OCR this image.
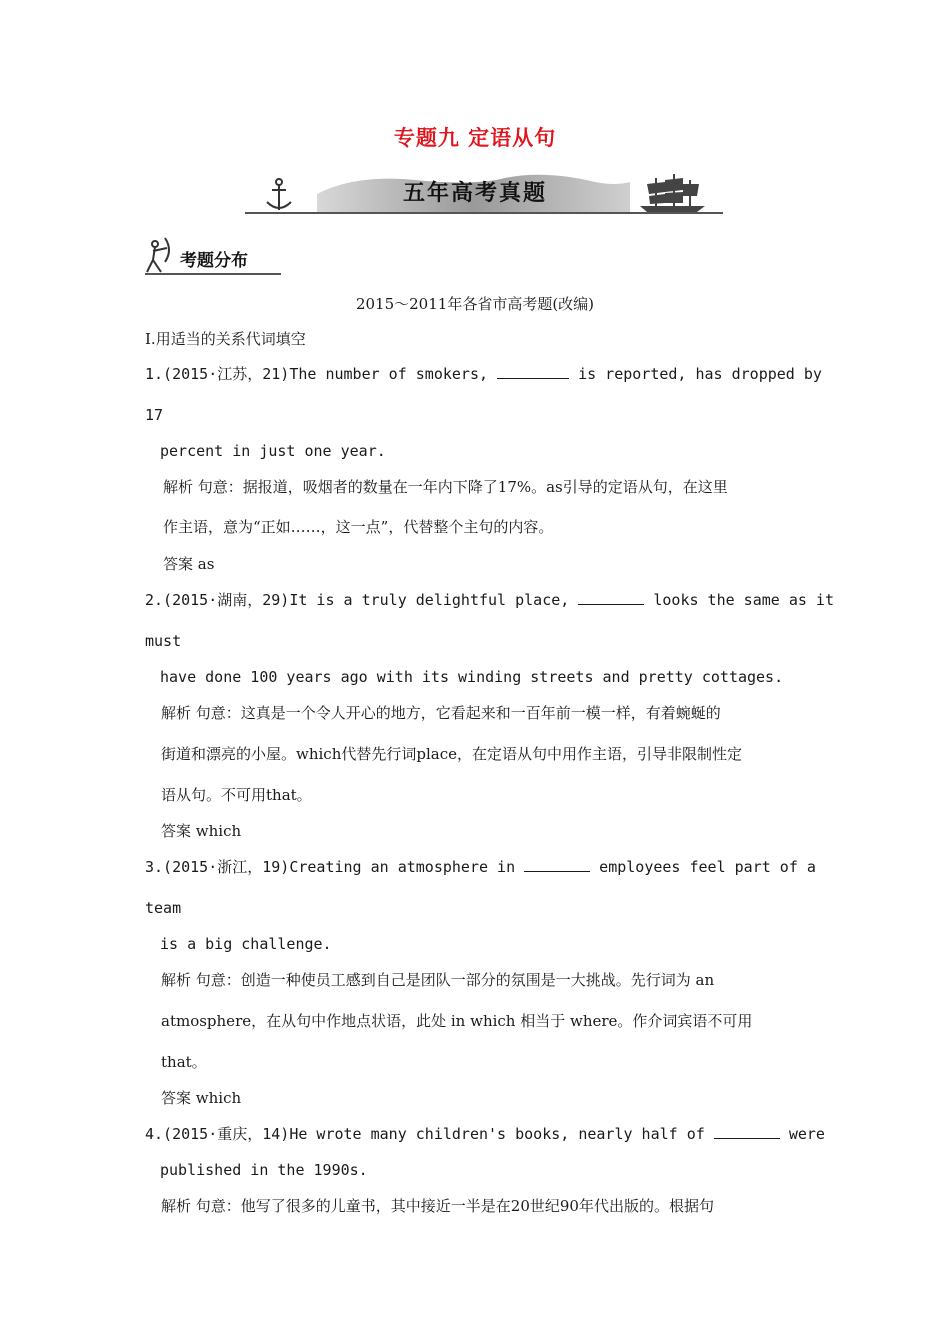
专题九 定语从句
五年高考真题
考题分布
2015～2011年各省市高考题(改编)
Ⅰ.用适当的关系代词填空
1.(2015·江苏，21)The number of smokers,	is reported, has dropped by
17
percent in just one year.
解析 句意：据报道，吸烟者的数量在一年内下降了17%。as引导的定语从句，在这里
作主语，意为“正如……，这一点”，代替整个主句的内容。
答案 as
2.(2015·湖南，29)It is a truly delightful place,	looks the same as it
must
have done 100 years ago with its winding streets and pretty cottages.
解析 句意：这真是一个令人开心的地方，它看起来和一百年前一模一样，有着蜿蜒的
街道和漂亮的小屋。which代替先行词place，在定语从句中用作主语，引导非限制性定
语从句。不可用that。
答案 which
3.(2015·浙江，19)Creating an atmosphere in	employees feel part of a
team
is a big challenge.
解析 句意：创造一种使员工感到自己是团队一部分的氛围是一大挑战。先行词为 an
atmosphere，在从句中作地点状语，此处 in which 相当于 where。作介词宾语不可用
that。
答案 which
4.(2015·重庆，14)He wrote many children's books, nearly half of	were
published in the 1990s.
解析 句意：他写了很多的儿童书，其中接近一半是在20世纪90年代出版的。根据句
